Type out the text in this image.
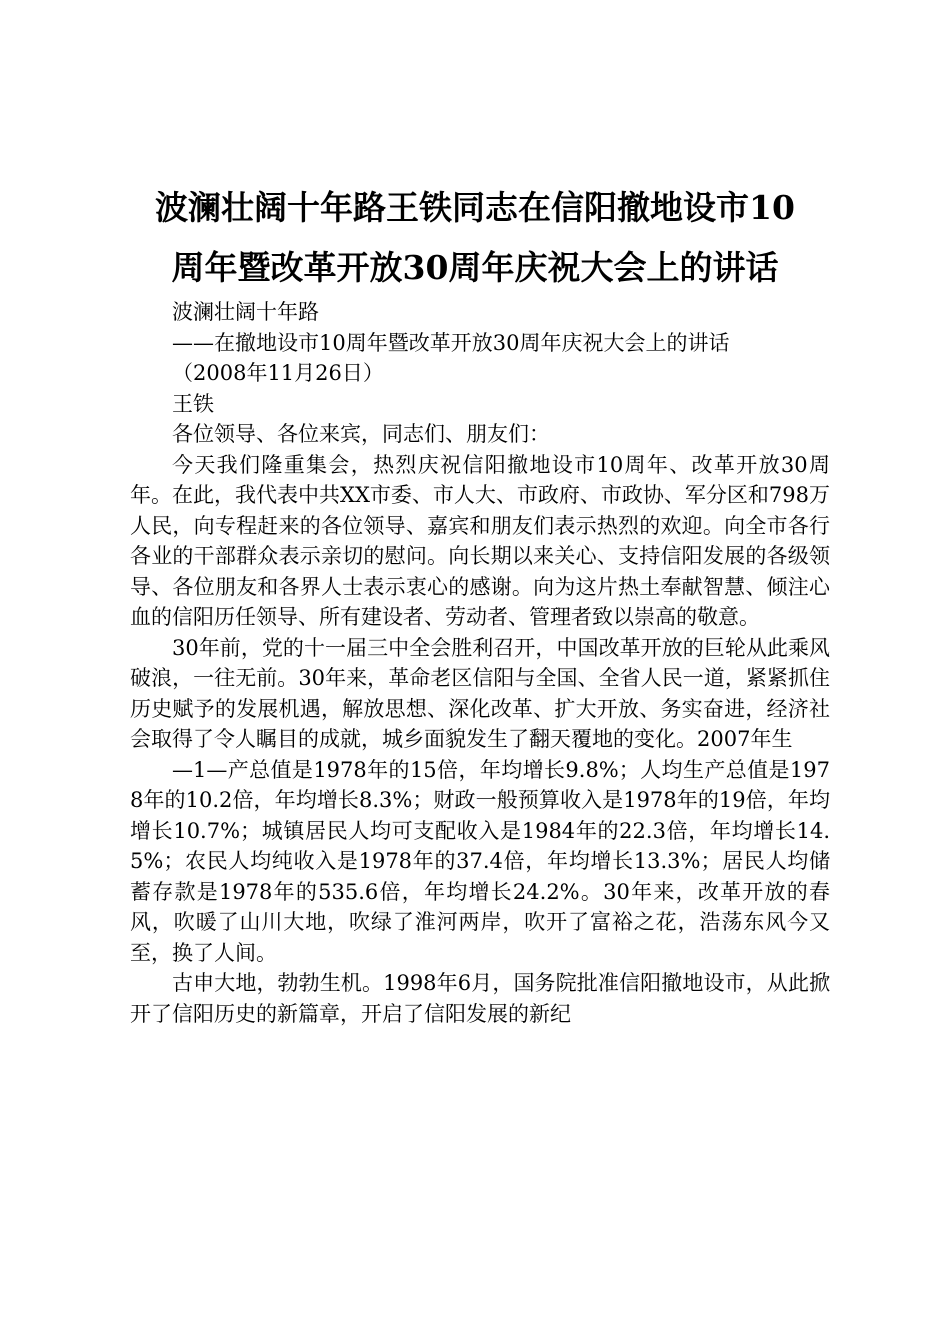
波澜壮阔十年路王铁同志在信阳撤地设市10
周年暨改革开放30周年庆祝大会上的讲话

波澜壮阔十年路

——在撤地设市10周年暨改革开放30周年庆祝大会上的讲话

（2008年11月26日）

王铁

各位领导、各位来宾，同志们、朋友们：

今天我们隆重集会，热烈庆祝信阳撤地设市10周年、改革开放30周年。在此，我代表中共XX市委、市人大、市政府、市政协、军分区和798万人民，向专程赶来的各位领导、嘉宾和朋友们表示热烈的欢迎。向全市各行各业的干部群众表示亲切的慰问。向长期以来关心、支持信阳发展的各级领导、各位朋友和各界人士表示衷心的感谢。向为这片热土奉献智慧、倾注心血的信阳历任领导、所有建设者、劳动者、管理者致以崇高的敬意。

30年前，党的十一届三中全会胜利召开，中国改革开放的巨轮从此乘风破浪，一往无前。30年来，革命老区信阳与全国、全省人民一道，紧紧抓住历史赋予的发展机遇，解放思想、深化改革、扩大开放、务实奋进，经济社会取得了令人瞩目的成就，城乡面貌发生了翻天覆地的变化。2007年生

—1—产总值是1978年的15倍，年均增长9.8%；人均生产总值是1978年的10.2倍，年均增长8.3%；财政一般预算收入是1978年的19倍，年均增长10.7%；城镇居民人均可支配收入是1984年的22.3倍，年均增长14.5%；农民人均纯收入是1978年的37.4倍，年均增长13.3%；居民人均储蓄存款是1978年的535.6倍，年均增长24.2%。30年来，改革开放的春风，吹暖了山川大地，吹绿了淮河两岸，吹开了富裕之花，浩荡东风今又至，换了人间。

古申大地，勃勃生机。1998年6月，国务院批准信阳撤地设市，从此掀开了信阳历史的新篇章，开启了信阳发展的新纪
